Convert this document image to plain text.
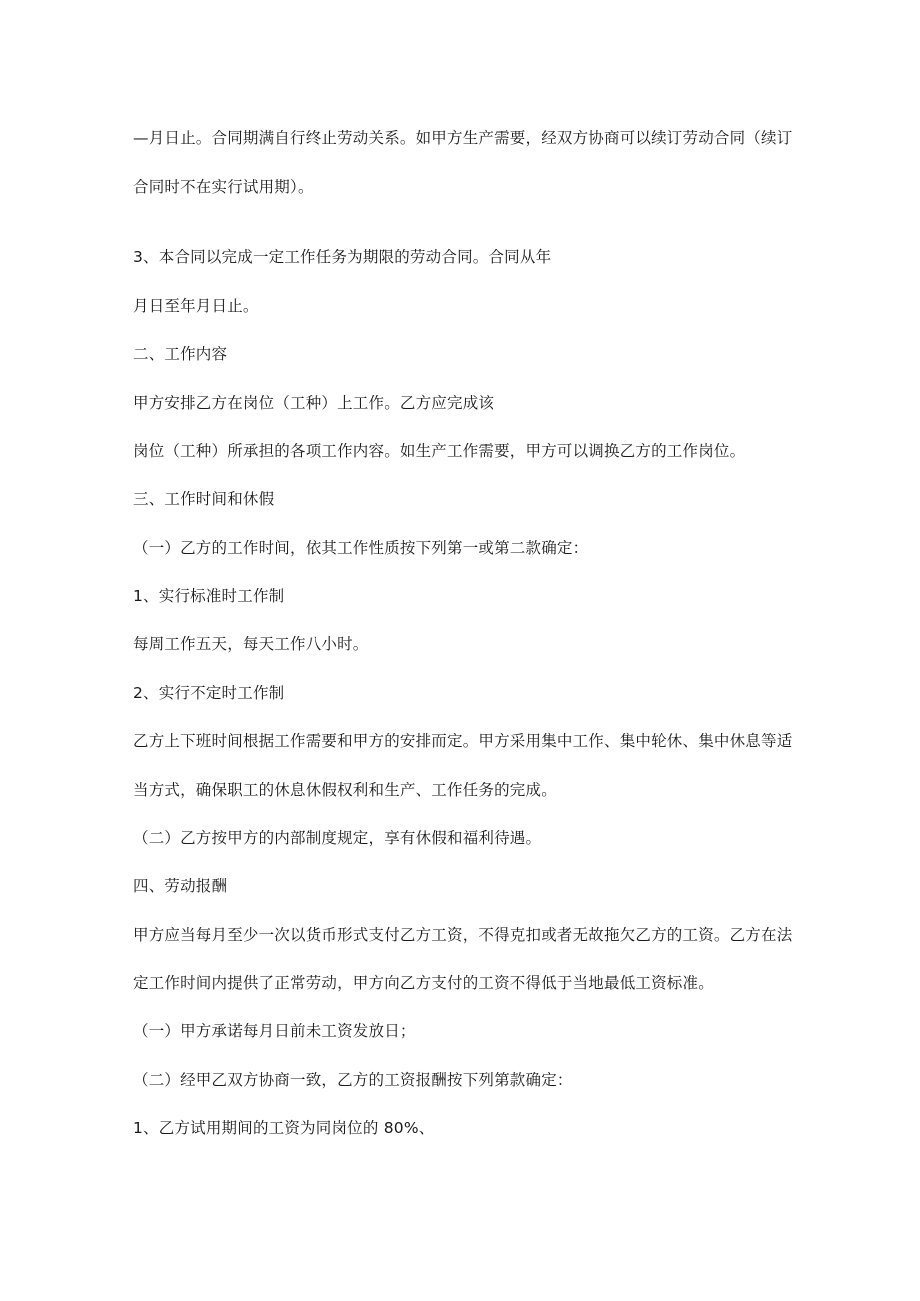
—月日止。合同期满自行终止劳动关系。如甲方生产需要，经双方协商可以续订劳动合同（续订
合同时不在实行试用期）。
3、本合同以完成一定工作任务为期限的劳动合同。合同从年
月日至年月日止。
二、工作内容
甲方安排乙方在岗位（工种）上工作。乙方应完成该
岗位（工种）所承担的各项工作内容。如生产工作需要，甲方可以调换乙方的工作岗位。
三、工作时间和休假
（一）乙方的工作时间，依其工作性质按下列第一或第二款确定：
1、实行标准时工作制
每周工作五天，每天工作八小时。
2、实行不定时工作制
乙方上下班时间根据工作需要和甲方的安排而定。甲方采用集中工作、集中轮休、集中休息等适
当方式，确保职工的休息休假权利和生产、工作任务的完成。
（二）乙方按甲方的内部制度规定，享有休假和福利待遇。
四、劳动报酬
甲方应当每月至少一次以货币形式支付乙方工资，不得克扣或者无故拖欠乙方的工资。乙方在法
定工作时间内提供了正常劳动，甲方向乙方支付的工资不得低于当地最低工资标准。
（一）甲方承诺每月日前未工资发放日；
（二）经甲乙双方协商一致，乙方的工资报酬按下列第款确定：
1、乙方试用期间的工资为同岗位的 80%、
